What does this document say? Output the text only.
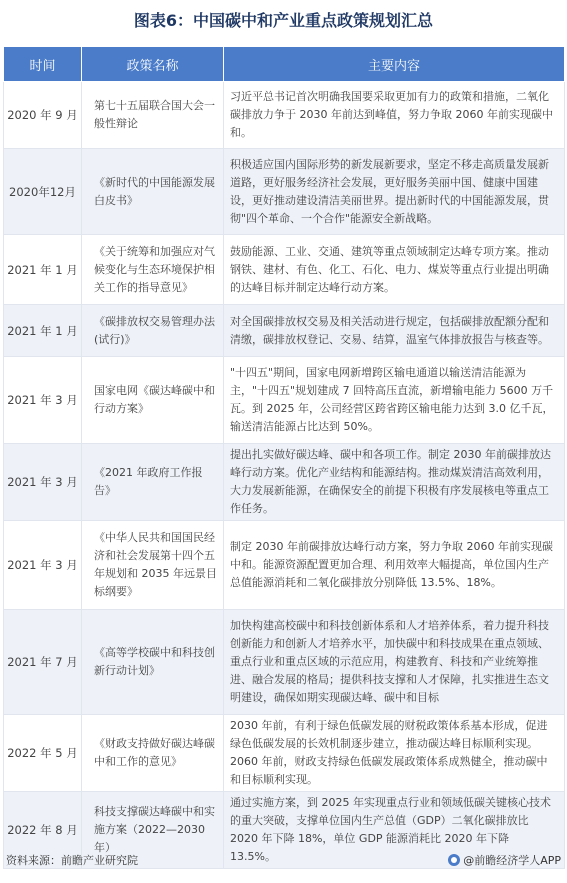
图表6：中国碳中和产业重点政策规划汇总
时间	政策名称	主要内容
2020 年 9 月	第七十五届联合国大会一般性辩论	习近平总书记首次明确我国要采取更加有力的政策和措施，二氧化碳排放力争于 2030 年前达到峰值，努力争取 2060 年前实现碳中和。
2020年12月	《新时代的中国能源发展白皮书》	积极适应国内国际形势的新发展新要求，坚定不移走高质量发展新道路，更好服务经济社会发展，更好服务美丽中国、健康中国建设，更好推动建设清洁美丽世界。提出新时代的中国能源发展，贯彻"四个革命、一个合作"能源安全新战略。
2021 年 1 月	《关于统筹和加强应对气候变化与生态环境保护相关工作的指导意见》	鼓励能源、工业、交通、建筑等重点领域制定达峰专项方案。推动钢铁、建材、有色、化工、石化、电力、煤炭等重点行业提出明确的达峰目标并制定达峰行动方案。
2021 年 1 月	《碳排放权交易管理办法(试行)》	对全国碳排放权交易及相关活动进行规定，包括碳排放配额分配和清缴，碳排放权登记、交易、结算，温室气体排放报告与核查等。
2021 年 3 月	国家电网《碳达峰碳中和行动方案》	"十四五"期间，国家电网新增跨区输电通道以输送清洁能源为主，"十四五"规划建成 7 回特高压直流，新增输电能力 5600 万千瓦。到 2025 年，公司经营区跨省跨区输电能力达到 3.0 亿千瓦，输送清洁能源占比达到 50%。
2021 年 3 月	《2021 年政府工作报告》	提出扎实做好碳达峰、碳中和各项工作。制定 2030 年前碳排放达峰行动方案。优化产业结构和能源结构。推动煤炭清洁高效利用，大力发展新能源，在确保安全的前提下积极有序发展核电等重点工作任务。
2021 年 3 月	《中华人民共和国国民经济和社会发展第十四个五年规划和 2035 年远景目标纲要》	制定 2030 年前碳排放达峰行动方案，努力争取 2060 年前实现碳中和。能源资源配置更加合理、利用效率大幅提高，单位国内生产总值能源消耗和二氧化碳排放分别降低 13.5%、18%。
2021 年 7 月	《高等学校碳中和科技创新行动计划》	加快构建高校碳中和科技创新体系和人才培养体系，着力提升科技创新能力和创新人才培养水平，加快碳中和科技成果在重点领域、重点行业和重点区域的示范应用，构建教育、科技和产业统筹推进、融合发展的格局；提供科技支撑和人才保障，扎实推进生态文明建设，确保如期实现碳达峰、碳中和目标
2022 年 5 月	《财政支持做好碳达峰碳中和工作的意见》	2030 年前，有利于绿色低碳发展的财税政策体系基本形成，促进绿色低碳发展的长效机制逐步建立，推动碳达峰目标顺利实现。2060 年前，财政支持绿色低碳发展政策体系成熟健全，推动碳中和目标顺利实现。
2022 年 8 月	科技支撑碳达峰碳中和实施方案（2022—2030 年）	通过实施方案，到 2025 年实现重点行业和领域低碳关键核心技术的重大突破，支撑单位国内生产总值（GDP）二氧化碳排放比 2020 年下降 18%，单位 GDP 能源消耗比 2020 年下降 13.5%。
资料来源：前瞻产业研究院	@前瞻经济学人APP
